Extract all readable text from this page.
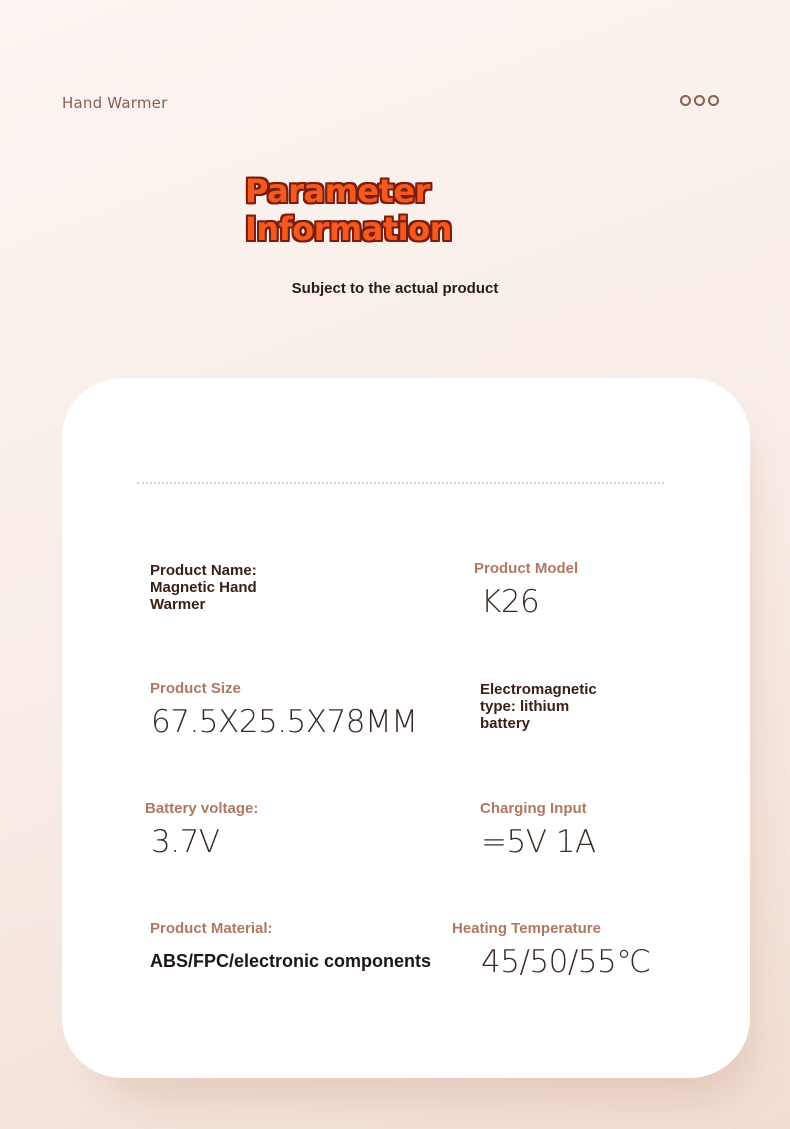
Hand Warmer
Parameter
Information
Subject to the actual product
Product Name:
Magnetic Hand
Warmer
Product Model
K26
Product Size
67.5X25.5X78MM
Electromagnetic
type: lithium
battery
Battery voltage:
3.7V
Charging Input
=5V 1A
Product Material:
ABS/FPC/electronic components
Heating Temperature
45/50/55℃
